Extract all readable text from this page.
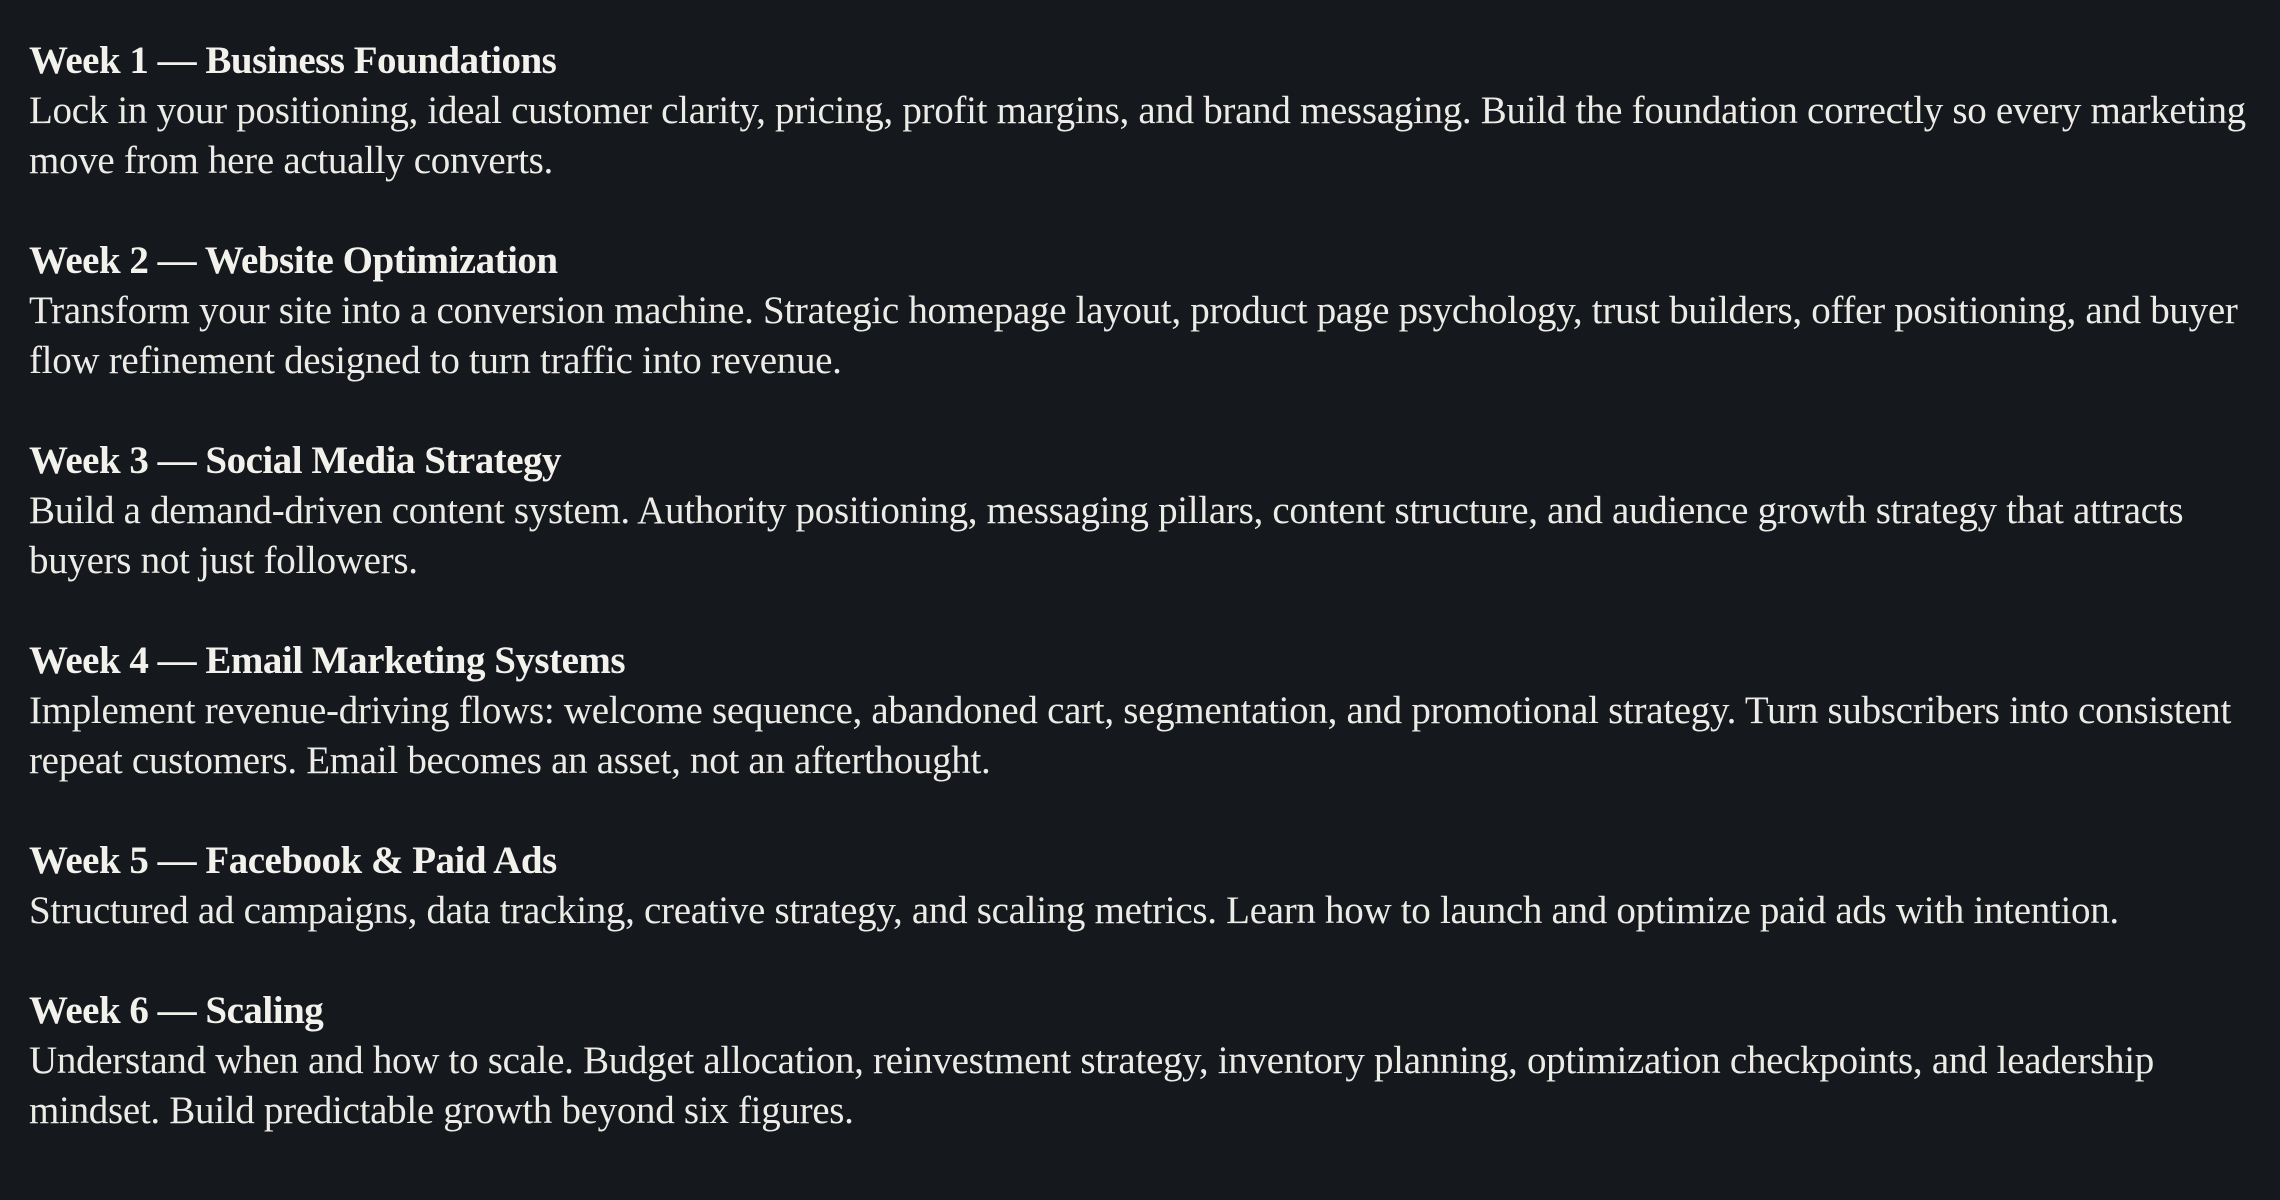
Week 1 — Business Foundations

Lock in your positioning, ideal customer clarity, pricing, profit margins, and brand messaging. Build the foundation correctly so every marketing move from here actually converts.

Week 2 — Website Optimization

Transform your site into a conversion machine. Strategic homepage layout, product page psychology, trust builders, offer positioning, and buyer flow refinement designed to turn traffic into revenue.

Week 3 — Social Media Strategy

Build a demand-driven content system. Authority positioning, messaging pillars, content structure, and audience growth strategy that attracts buyers not just followers.

Week 4 — Email Marketing Systems

Implement revenue-driving flows: welcome sequence, abandoned cart, segmentation, and promotional strategy. Turn subscribers into consistent repeat customers. Email becomes an asset, not an afterthought.

Week 5 — Facebook & Paid Ads

Structured ad campaigns, data tracking, creative strategy, and scaling metrics. Learn how to launch and optimize paid ads with intention.

Week 6 — Scaling

Understand when and how to scale. Budget allocation, reinvestment strategy, inventory planning, optimization checkpoints, and leadership mindset. Build predictable growth beyond six figures.
